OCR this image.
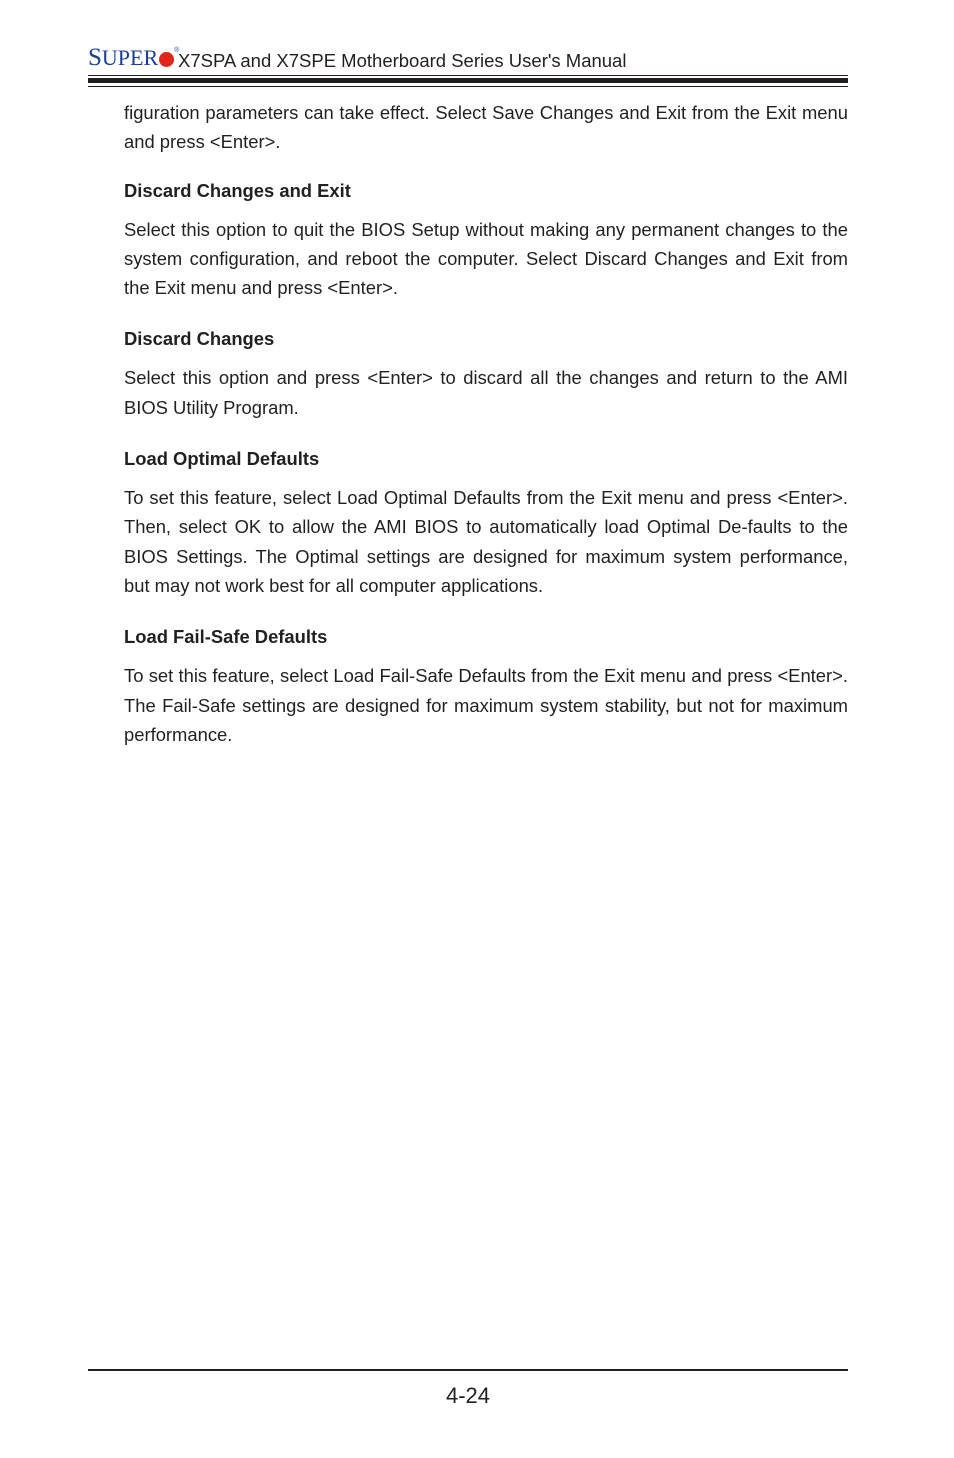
SUPER ®
X7SPA and X7SPE Motherboard Series User's Manual

figuration parameters can take effect. Select Save Changes and Exit from the Exit menu and press <Enter>.

Discard Changes and Exit

Select this option to quit the BIOS Setup without making any permanent changes to the system configuration, and reboot the computer. Select Discard Changes and Exit from the Exit menu and press <Enter>.

Discard Changes

Select this option and press <Enter> to discard all the changes and return to the AMI BIOS Utility Program.

Load Optimal Defaults

To set this feature, select Load Optimal Defaults from the Exit menu and press <Enter>. Then, select OK to allow the AMI BIOS to automatically load Optimal De-faults to the BIOS Settings. The Optimal settings are designed for maximum system performance, but may not work best for all computer applications.

Load Fail-Safe Defaults

To set this feature, select Load Fail-Safe Defaults from the Exit menu and press <Enter>. The Fail-Safe settings are designed for maximum system stability, but not for maximum performance.

4-24
